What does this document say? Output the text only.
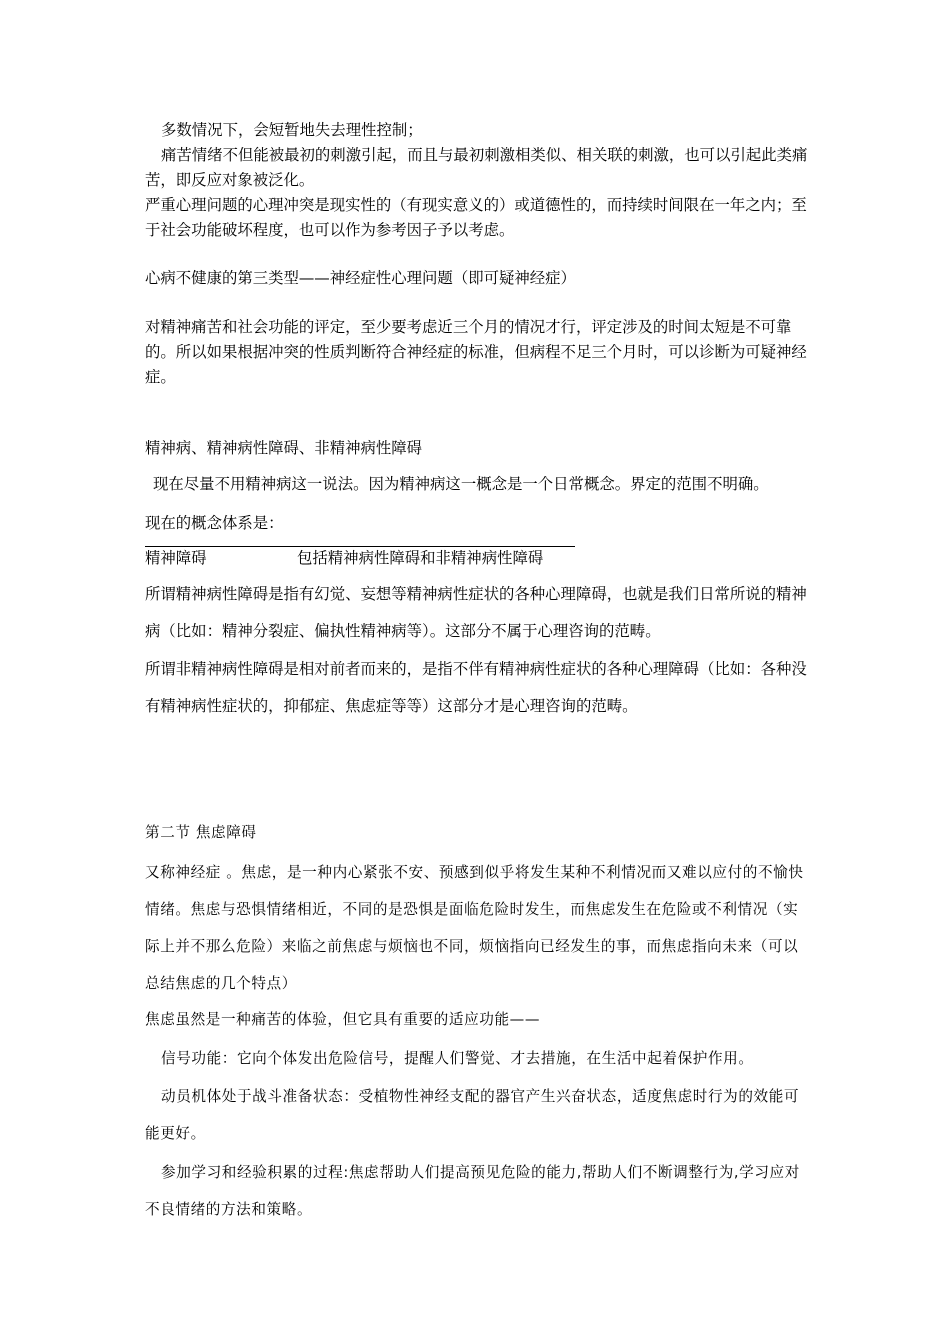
多数情况下，会短暂地失去理性控制；

痛苦情绪不但能被最初的刺激引起，而且与最初刺激相类似、相关联的刺激，也可以引起此类痛苦，即反应对象被泛化。

严重心理问题的心理冲突是现实性的（有现实意义的）或道德性的，而持续时间限在一年之内；至于社会功能破坏程度，也可以作为参考因子予以考虑。

心病不健康的第三类型——神经症性心理问题（即可疑神经症）

对精神痛苦和社会功能的评定，至少要考虑近三个月的情况才行，评定涉及的时间太短是不可靠的。所以如果根据冲突的性质判断符合神经症的标准，但病程不足三个月时，可以诊断为可疑神经症。

精神病、精神病性障碍、非精神病性障碍

现在尽量不用精神病这一说法。因为精神病这一概念是一个日常概念。界定的范围不明确。

现在的概念体系是：

精神障碍	包括精神病性障碍和非精神病性障碍

所谓精神病性障碍是指有幻觉、妄想等精神病性症状的各种心理障碍，也就是我们日常所说的精神病（比如：精神分裂症、偏执性精神病等）。这部分不属于心理咨询的范畴。

所谓非精神病性障碍是相对前者而来的，是指不伴有精神病性症状的各种心理障碍（比如：各种没有精神病性症状的，抑郁症、焦虑症等等）这部分才是心理咨询的范畴。

第二节 焦虑障碍

又称神经症 。焦虑，是一种内心紧张不安、预感到似乎将发生某种不利情况而又难以应付的不愉快情绪。焦虑与恐惧情绪相近，不同的是恐惧是面临危险时发生，而焦虑发生在危险或不利情况（实际上并不那么危险）来临之前焦虑与烦恼也不同，烦恼指向已经发生的事，而焦虑指向未来（可以总结焦虑的几个特点）

焦虑虽然是一种痛苦的体验，但它具有重要的适应功能——

信号功能：它向个体发出危险信号，提醒人们警觉、才去措施，在生活中起着保护作用。

动员机体处于战斗准备状态：受植物性神经支配的器官产生兴奋状态，适度焦虑时行为的效能可能更好。

参加学习和经验积累的过程:焦虑帮助人们提高预见危险的能力,帮助人们不断调整行为,学习应对不良情绪的方法和策略。
